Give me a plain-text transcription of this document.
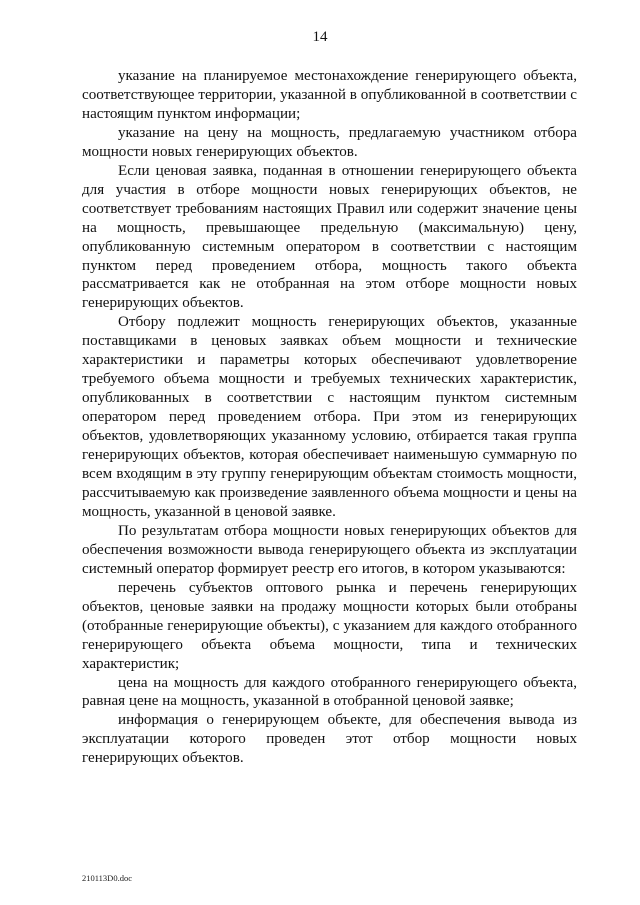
14

указание на планируемое местонахождение генерирующего объекта, соответствующее территории, указанной в опубликованной в соответствии с настоящим пунктом информации;

указание на цену на мощность, предлагаемую участником отбора мощности новых генерирующих объектов.

Если ценовая заявка, поданная в отношении генерирующего объекта для участия в отборе мощности новых генерирующих объектов, не соответствует требованиям настоящих Правил или содержит значение цены на мощность, превышающее предельную (максимальную) цену, опубликованную системным оператором в соответствии с настоящим пунктом перед проведением отбора, мощность такого объекта рассматривается как не отобранная на этом отборе мощности новых генерирующих объектов.

Отбору подлежит мощность генерирующих объектов, указанные поставщиками в ценовых заявках объем мощности и технические характеристики и параметры которых обеспечивают удовлетворение требуемого объема мощности и требуемых технических характеристик, опубликованных в соответствии с настоящим пунктом системным оператором перед проведением отбора. При этом из генерирующих объектов, удовлетворяющих указанному условию, отбирается такая группа генерирующих объектов, которая обеспечивает наименьшую суммарную по всем входящим в эту группу генерирующим объектам стоимость мощности, рассчитываемую как произведение заявленного объема мощности и цены на мощность, указанной в ценовой заявке.

По результатам отбора мощности новых генерирующих объектов для обеспечения возможности вывода генерирующего объекта из эксплуатации системный оператор формирует реестр его итогов, в котором указываются:

перечень субъектов оптового рынка и перечень генерирующих объектов, ценовые заявки на продажу мощности которых были отобраны (отобранные генерирующие объекты), с указанием для каждого отобранного генерирующего объекта объема мощности, типа и технических характеристик;

цена на мощность для каждого отобранного генерирующего объекта, равная цене на мощность, указанной в отобранной ценовой заявке;

информация о генерирующем объекте, для обеспечения вывода из эксплуатации которого проведен этот отбор мощности новых генерирующих объектов.

210113D0.doc
